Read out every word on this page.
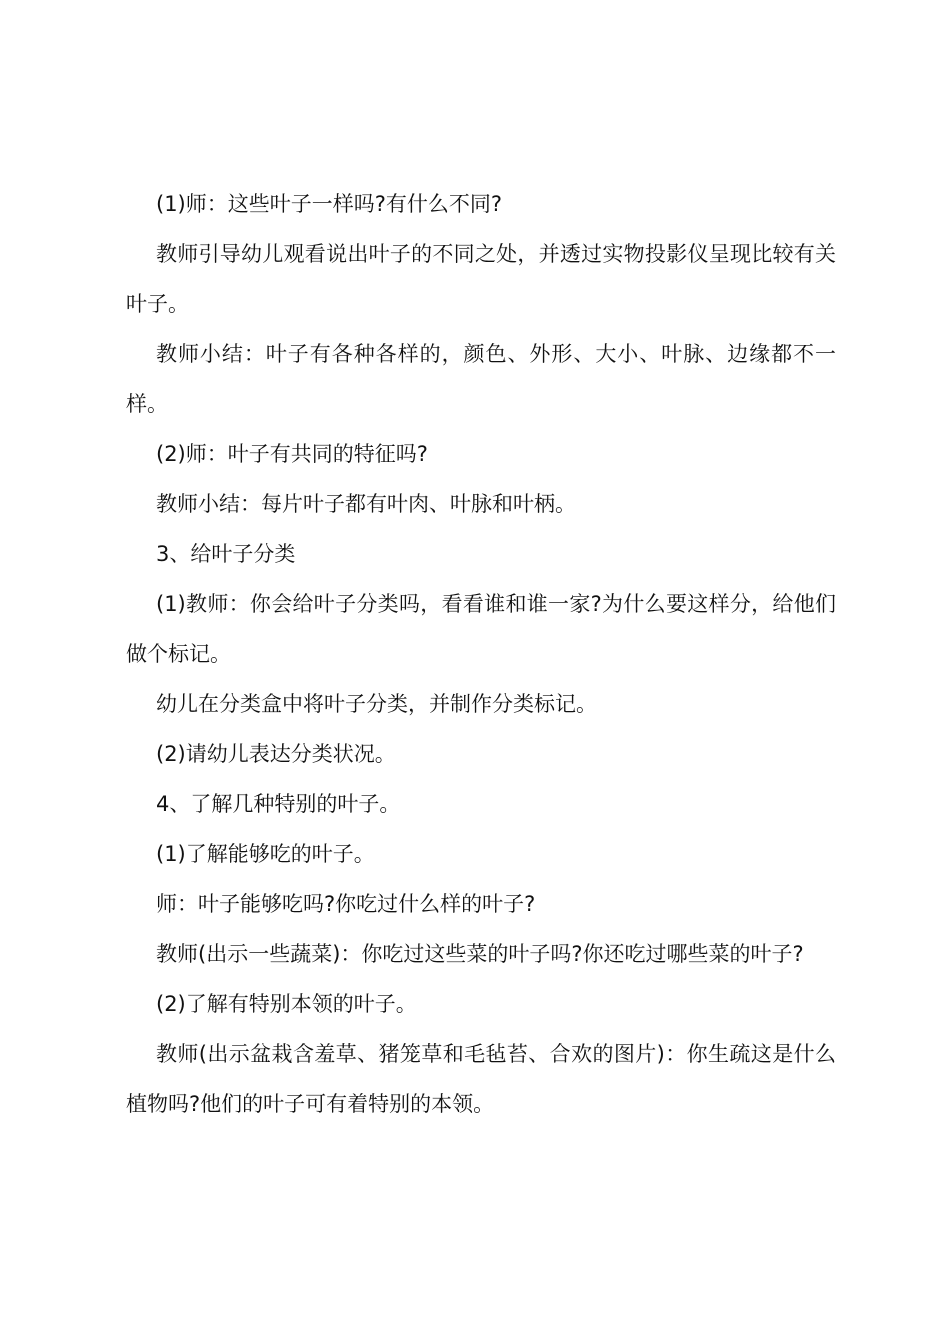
(1)师：这些叶子一样吗?有什么不同?

教师引导幼儿观看说出叶子的不同之处，并透过实物投影仪呈现比较有关叶子。

教师小结：叶子有各种各样的，颜色、外形、大小、叶脉、边缘都不一样。

(2)师：叶子有共同的特征吗?

教师小结：每片叶子都有叶肉、叶脉和叶柄。

3、给叶子分类

(1)教师：你会给叶子分类吗，看看谁和谁一家?为什么要这样分，给他们做个标记。

幼儿在分类盒中将叶子分类，并制作分类标记。

(2)请幼儿表达分类状况。

4、了解几种特别的叶子。

(1)了解能够吃的叶子。

师：叶子能够吃吗?你吃过什么样的叶子?

教师(出示一些蔬菜)：你吃过这些菜的叶子吗?你还吃过哪些菜的叶子?

(2)了解有特别本领的叶子。

教师(出示盆栽含羞草、猪笼草和毛毡苔、合欢的图片)：你生疏这是什么植物吗?他们的叶子可有着特别的本领。
